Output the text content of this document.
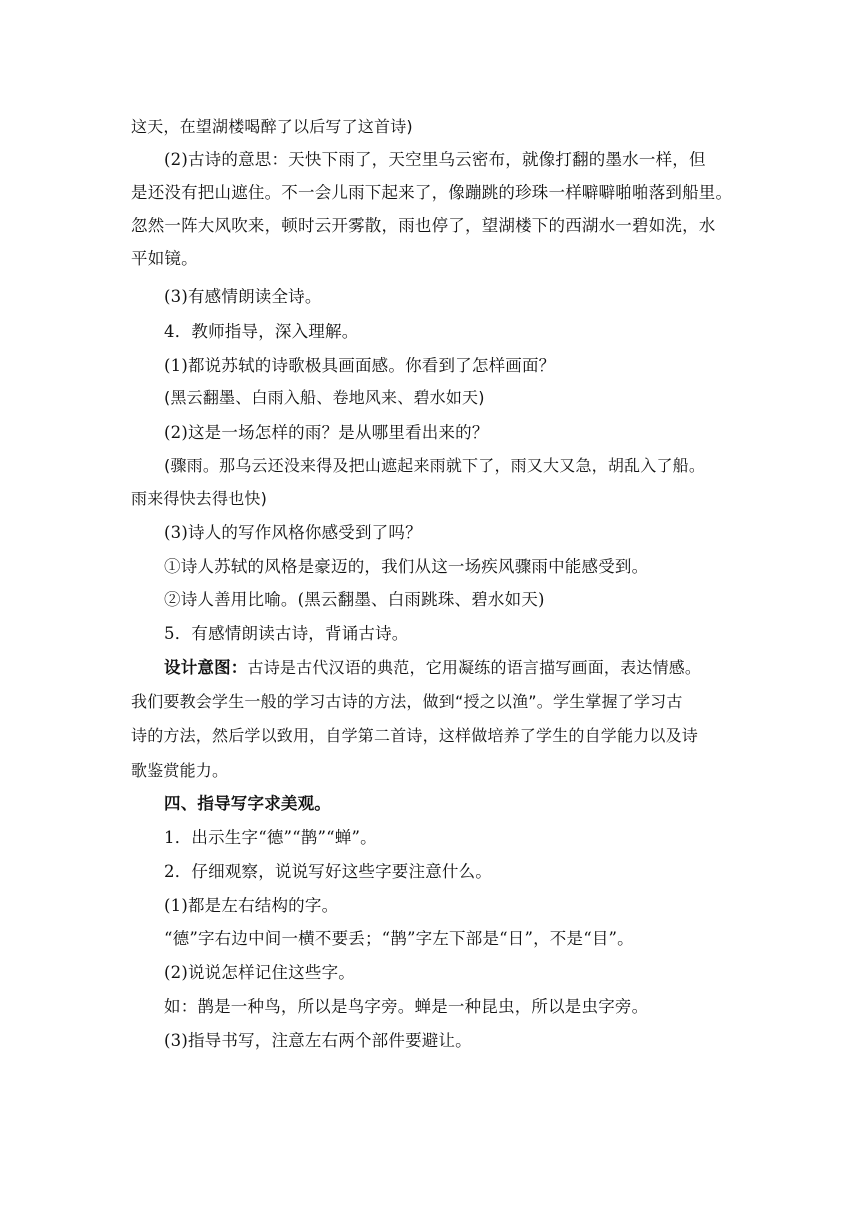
这天，在望湖楼喝醉了以后写了这首诗)
(2)古诗的意思：天快下雨了，天空里乌云密布，就像打翻的墨水一样，但
是还没有把山遮住。不一会儿雨下起来了，像蹦跳的珍珠一样噼噼啪啪落到船里。
忽然一阵大风吹来，顿时云开雾散，雨也停了，望湖楼下的西湖水一碧如洗，水
平如镜。
(3)有感情朗读全诗。
4．教师指导，深入理解。
(1)都说苏轼的诗歌极具画面感。你看到了怎样画面？
(黑云翻墨、白雨入船、卷地风来、碧水如天)
(2)这是一场怎样的雨？是从哪里看出来的？
(骤雨。那乌云还没来得及把山遮起来雨就下了，雨又大又急，胡乱入了船。
雨来得快去得也快)
(3)诗人的写作风格你感受到了吗？
①诗人苏轼的风格是豪迈的，我们从这一场疾风骤雨中能感受到。
②诗人善用比喻。(黑云翻墨、白雨跳珠、碧水如天)
5．有感情朗读古诗，背诵古诗。
设计意图：古诗是古代汉语的典范，它用凝练的语言描写画面，表达情感。
我们要教会学生一般的学习古诗的方法，做到“授之以渔”。学生掌握了学习古
诗的方法，然后学以致用，自学第二首诗，这样做培养了学生的自学能力以及诗
歌鉴赏能力。
四、指导写字求美观。
1．出示生字“德”“鹊”“蝉”。
2．仔细观察，说说写好这些字要注意什么。
(1)都是左右结构的字。
“德”字右边中间一横不要丢；“鹊”字左下部是“日”，不是“目”。
(2)说说怎样记住这些字。
如：鹊是一种鸟，所以是鸟字旁。蝉是一种昆虫，所以是虫字旁。
(3)指导书写，注意左右两个部件要避让。
